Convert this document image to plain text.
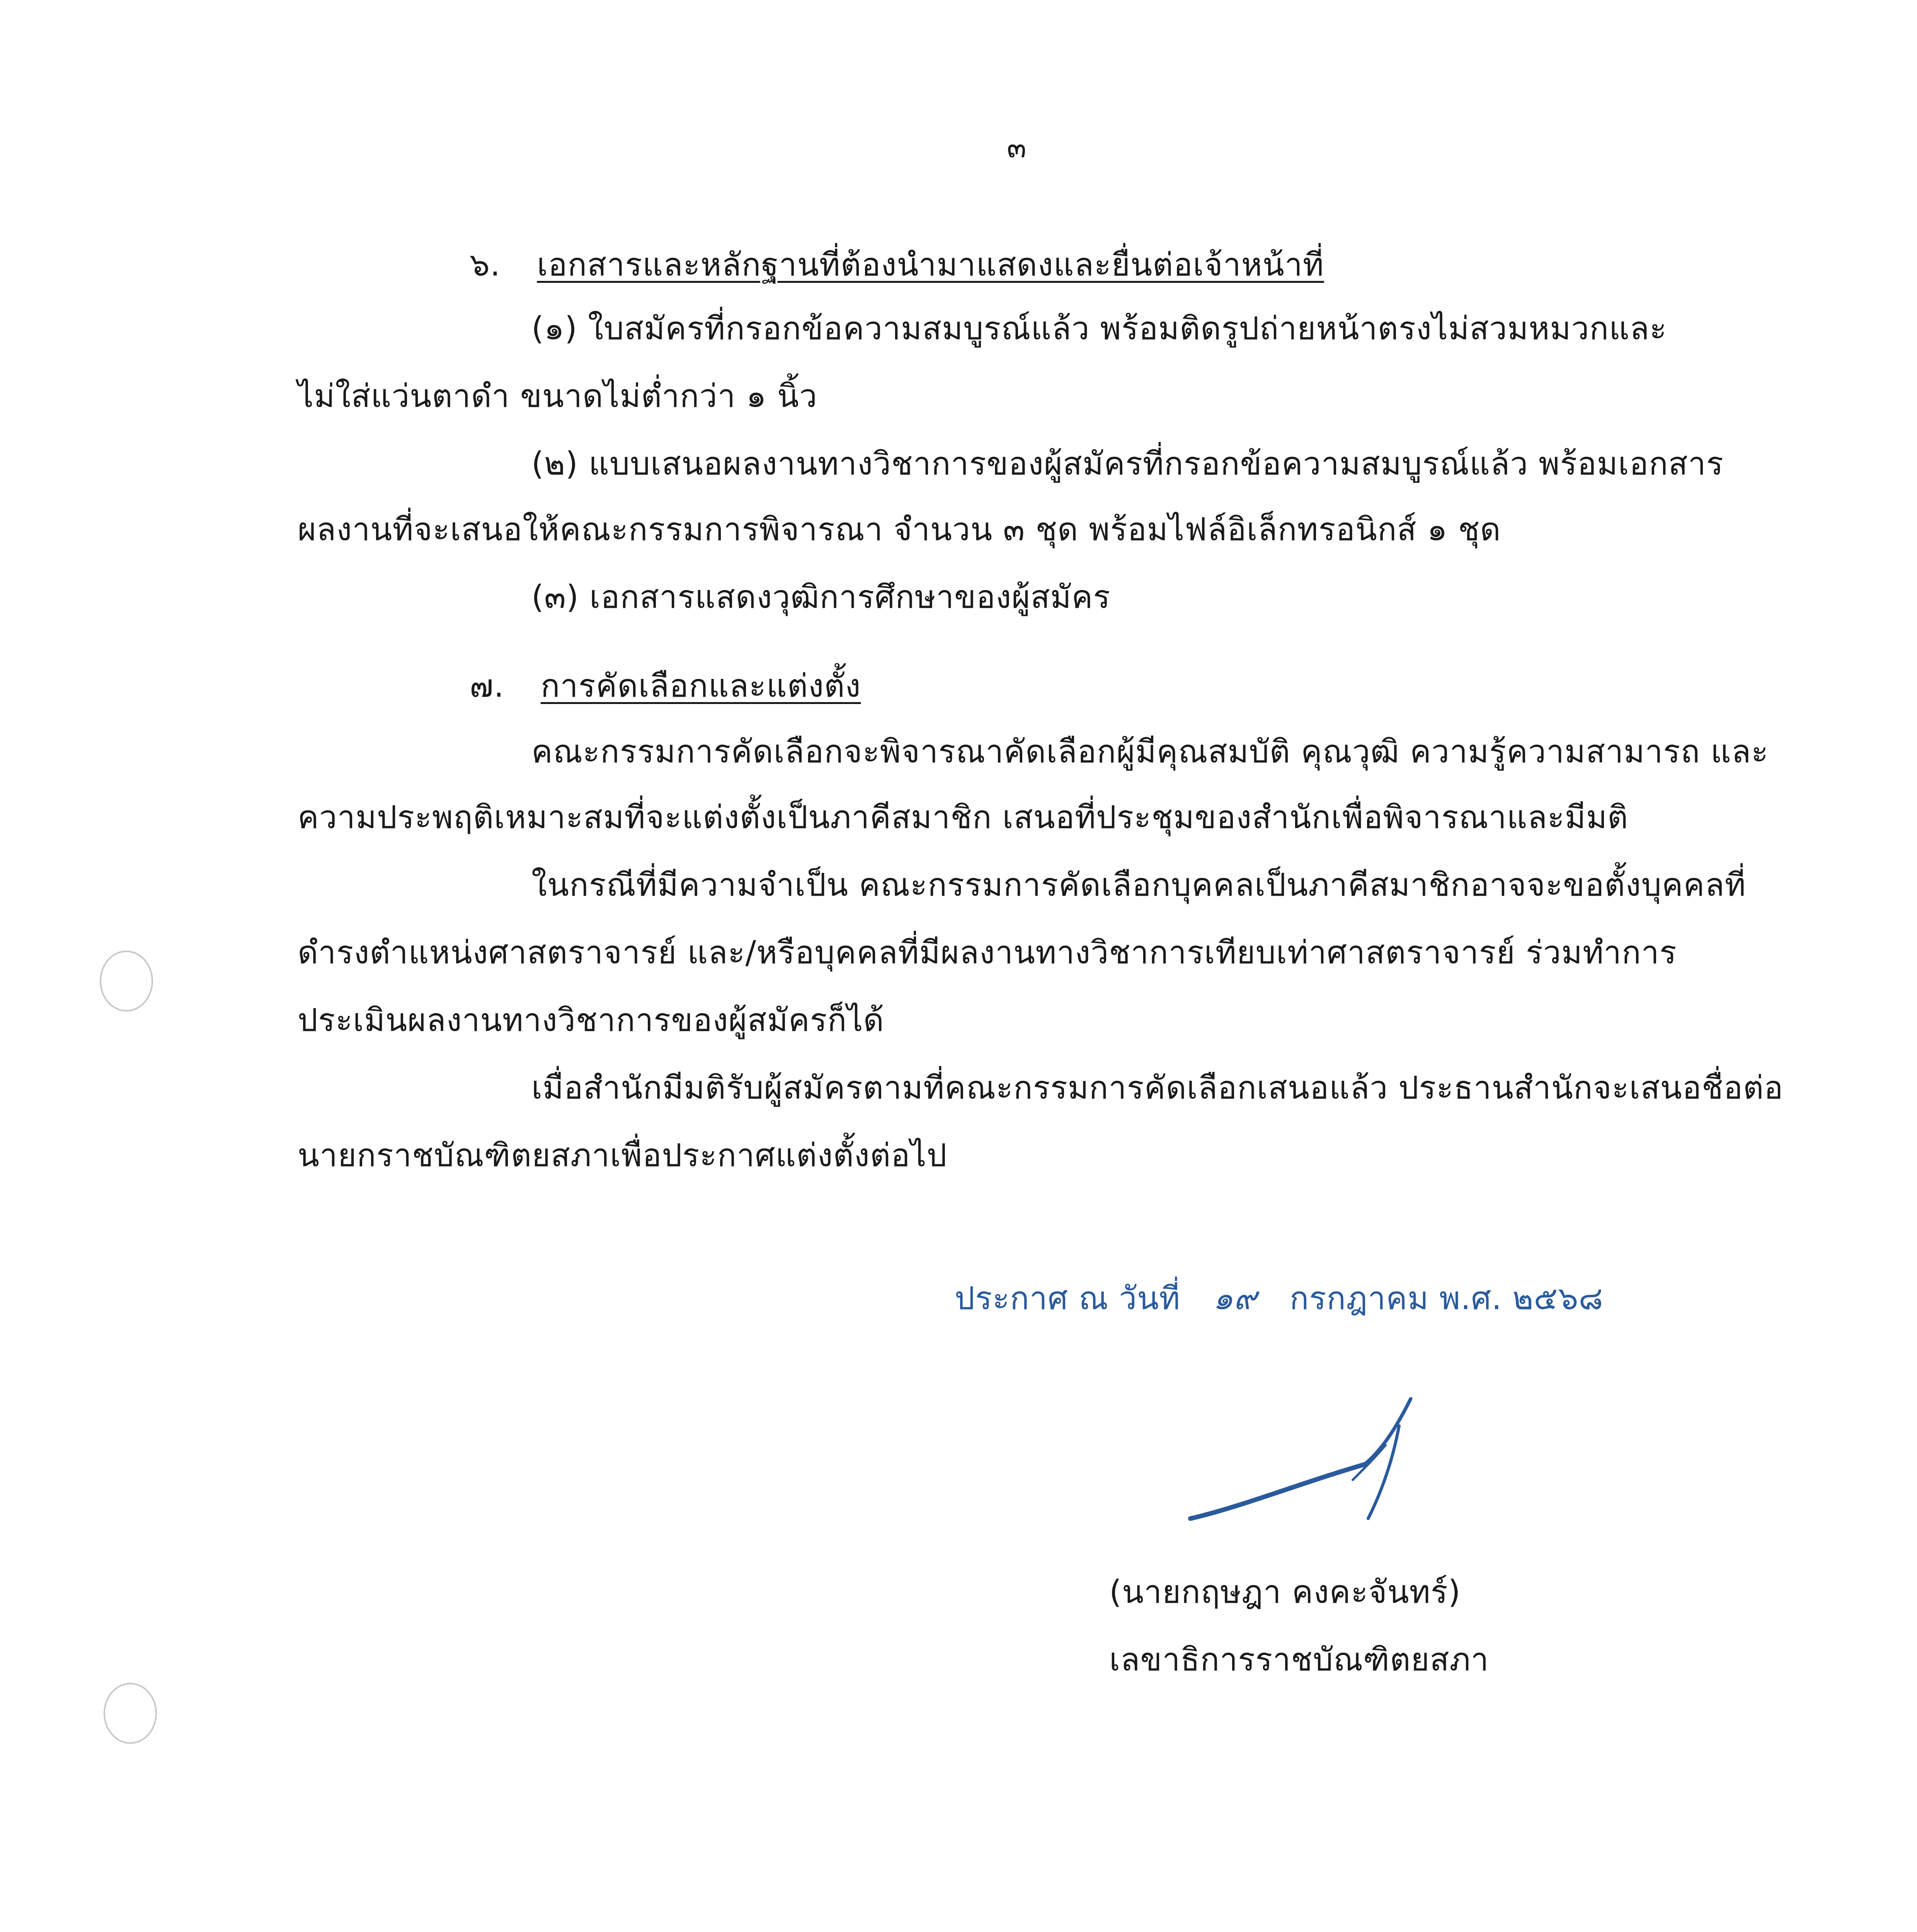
๓
๖. เอกสารและหลักฐานที่ต้องนำมาแสดงและยื่นต่อเจ้าหน้าที่
(๑) ใบสมัครที่กรอกข้อความสมบูรณ์แล้ว พร้อมติดรูปถ่ายหน้าตรงไม่สวมหมวกและ
ไม่ใส่แว่นตาดำ ขนาดไม่ต่ำกว่า ๑ นิ้ว
(๒) แบบเสนอผลงานทางวิชาการของผู้สมัครที่กรอกข้อความสมบูรณ์แล้ว พร้อมเอกสาร
ผลงานที่จะเสนอให้คณะกรรมการพิจารณา จำนวน ๓ ชุด พร้อมไฟล์อิเล็กทรอนิกส์ ๑ ชุด
(๓) เอกสารแสดงวุฒิการศึกษาของผู้สมัคร
๗. การคัดเลือกและแต่งตั้ง
คณะกรรมการคัดเลือกจะพิจารณาคัดเลือกผู้มีคุณสมบัติ คุณวุฒิ ความรู้ความสามารถ และ
ความประพฤติเหมาะสมที่จะแต่งตั้งเป็นภาคีสมาชิก เสนอที่ประชุมของสำนักเพื่อพิจารณาและมีมติ
ในกรณีที่มีความจำเป็น คณะกรรมการคัดเลือกบุคคลเป็นภาคีสมาชิกอาจจะขอตั้งบุคคลที่
ดำรงตำแหน่งศาสตราจารย์ และ/หรือบุคคลที่มีผลงานทางวิชาการเทียบเท่าศาสตราจารย์ ร่วมทำการ
ประเมินผลงานทางวิชาการของผู้สมัครก็ได้
เมื่อสำนักมีมติรับผู้สมัครตามที่คณะกรรมการคัดเลือกเสนอแล้ว ประธานสำนักจะเสนอชื่อต่อ
นายกราชบัณฑิตยสภาเพื่อประกาศแต่งตั้งต่อไป
ประกาศ ณ วันที่ ๑๙ กรกฎาคม พ.ศ. ๒๕๖๘
(นายกฤษฎา คงคะจันทร์)
เลขาธิการราชบัณฑิตยสภา
